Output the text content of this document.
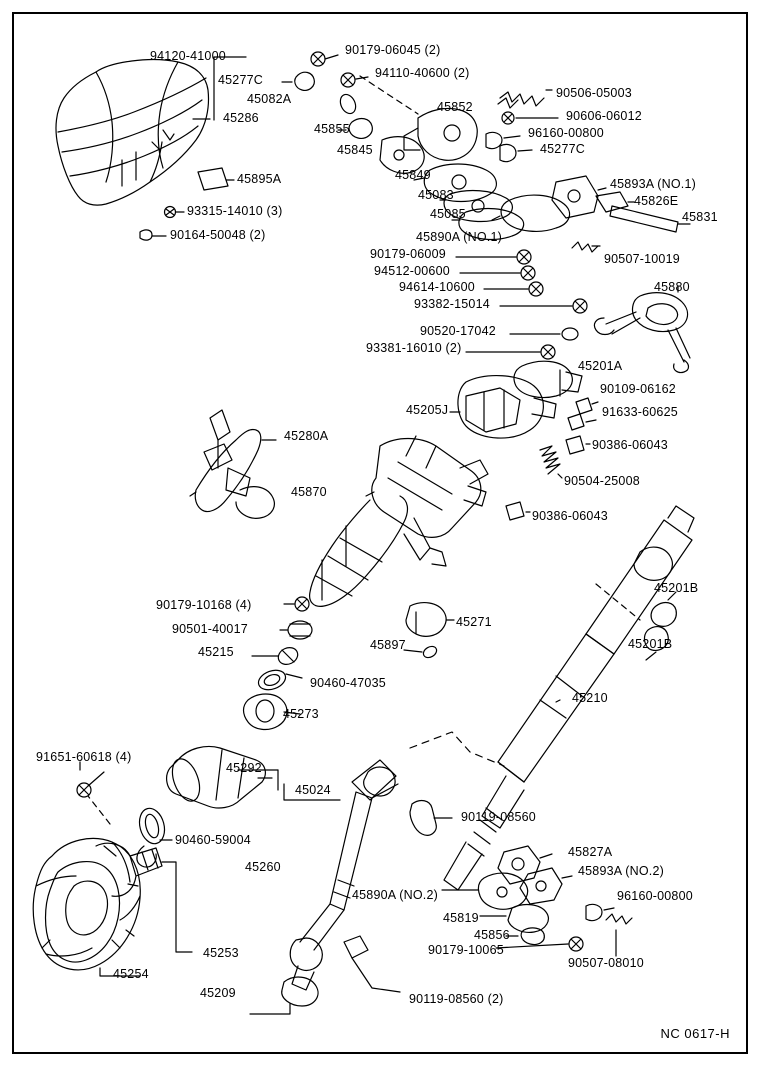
94120-41000	90179-06045 (2)
45277C	94110-40600 (2)
45082A
45286
45852
90506-05003
90606-06012
45855	96160-00800
45845	45277C
45895A	45849
45893A (NO.1)
45083	45826E
93315-14010 (3)	45085	45831
90164-50048 (2)	45890A (NO.1)
90179-06009	90507-10019
94512-00600
94614-10600	45880
93382-15014
90520-17042
93381-16010 (2)
45201A
90109-06162
45205J	91633-60625
45280A
90386-06043
90504-25008
45870
90386-06043
45201B
90179-10168 (4)
90501-40017	45271
45201B
45215	45897
90460-47035
45210
45273
91651-60618 (4)
45292
45024
90119-08560
90460-59004
45827A
45260	45893A (NO.2)
45890A (NO.2)	96160-00800
45819
45856
90179-10065
90507-08010
45253
45254
45209	90119-08560 (2)
NC 0617-H
